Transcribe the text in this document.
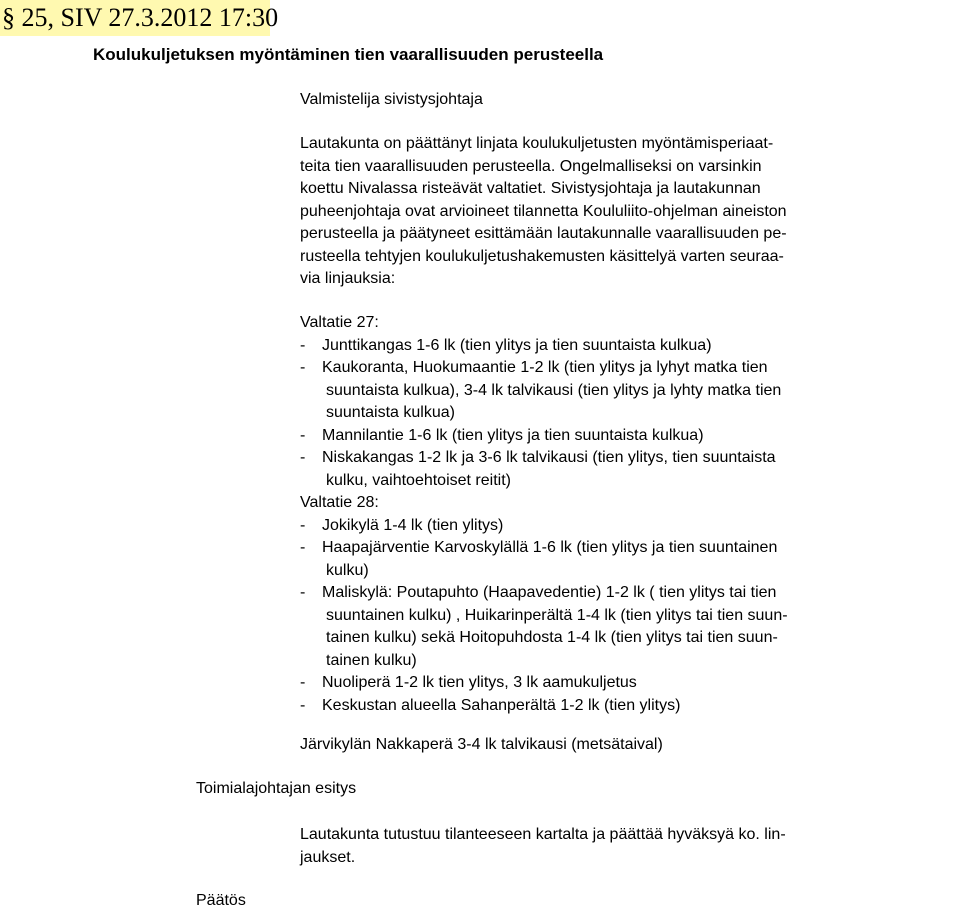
§ 25, SIV 27.3.2012 17:30
Koulukuljetuksen myöntäminen tien vaarallisuuden perusteella
Valmistelija sivistysjohtaja
Lautakunta on päättänyt linjata koulukuljetusten myöntämisperiaat-
teita tien vaarallisuuden perusteella. Ongelmalliseksi on varsinkin
koettu Nivalassa risteävät valtatiet. Sivistysjohtaja ja lautakunnan
puheenjohtaja ovat arvioineet tilannetta Koululiito-ohjelman aineiston
perusteella ja päätyneet esittämään lautakunnalle vaarallisuuden pe-
rusteella tehtyjen koulukuljetushakemusten käsittelyä varten seuraa-
via linjauksia:
Valtatie 27:
-	Junttikangas 1-6 lk (tien ylitys ja tien suuntaista kulkua)
-	Kaukoranta, Huokumaantie 1-2 lk (tien ylitys ja lyhyt matka tien
suuntaista kulkua), 3-4 lk talvikausi (tien ylitys ja lyhty matka tien
suuntaista kulkua)
-	Mannilantie 1-6 lk (tien ylitys ja tien suuntaista kulkua)
-	Niskakangas 1-2 lk ja 3-6 lk talvikausi (tien ylitys, tien suuntaista
kulku, vaihtoehtoiset reitit)
Valtatie 28:
-	Jokikylä 1-4 lk (tien ylitys)
-	Haapajärventie Karvoskylällä 1-6 lk (tien ylitys ja tien suuntainen
kulku)
-	Maliskylä: Poutapuhto (Haapavedentie) 1-2 lk ( tien ylitys tai tien
suuntainen kulku) , Huikarinperältä 1-4 lk (tien ylitys tai tien suun-
tainen kulku) sekä Hoitopuhdosta 1-4 lk (tien ylitys tai tien suun-
tainen kulku)
-	Nuoliperä 1-2 lk tien ylitys, 3 lk aamukuljetus
-	Keskustan alueella Sahanperältä 1-2 lk (tien ylitys)
Järvikylän Nakkaperä 3-4 lk talvikausi (metsätaival)
Toimialajohtajan esitys
Lautakunta tutustuu tilanteeseen kartalta ja päättää hyväksyä ko. lin-
jaukset.
Päätös
